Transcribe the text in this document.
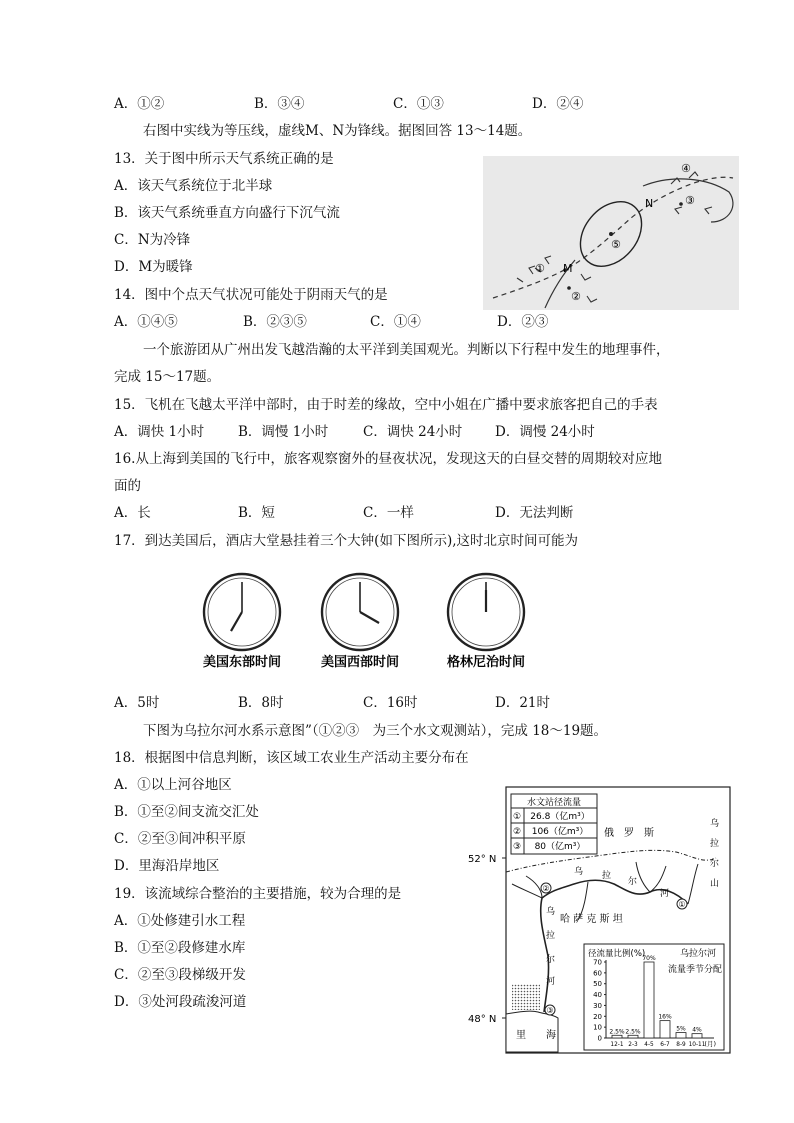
A．①②	B．③④	C．①③	D．②④
右图中实线为等压线，虚线M、N为锋线。据图回答 13～14题。
13．关于图中所示天气系统正确的是
A．该天气系统位于北半球
B．该天气系统垂直方向盛行下沉气流
C．N为冷锋
D．M为暖锋
14．图中个点天气状况可能处于阴雨天气的是
A．①④⑤	B．②③⑤	C．①④	D．②③
N
M
①
②
③
④
⑤
一个旅游团从广州出发飞越浩瀚的太平洋到美国观光。判断以下行程中发生的地理事件，
完成 15～17题。
15．飞机在飞越太平洋中部时，由于时差的缘故，空中小姐在广播中要求旅客把自己的手表
A．调快 1小时	B．调慢 1小时	C．调快 24小时 D．调慢 24小时
16.从上海到美国的飞行中，旅客观察窗外的昼夜状况，发现这天的白昼交替的周期较对应地
面的
A．长	B．短	C．一样	D．无法判断
17．到达美国后，酒店大堂悬挂着三个大钟(如下图所示),这时北京时间可能为
美国东部时间	美国西部时间	格林尼治时间
A．5时	B．8时	C．16时	D．21时
下图为乌拉尔河水系示意图”（①②③　为三个水文观测站），完成 18～19题。
18．根据图中信息判断，该区域工农业生产活动主要分布在
A．①以上河谷地区
B．①至②间支流交汇处
C．②至③间冲积平原
D．里海沿岸地区
19．该流域综合整治的主要措施，较为合理的是
A．①处修建引水工程
B．①至②段修建水库
C．②至③段梯级开发
D．③处河段疏浚河道
水文站径流量
① 26.8（亿m³）
② 106（亿m³）
③ 80（亿m³）
52° N
48° N
①
②
③
俄　罗　斯
哈 萨 克 斯 坦
里　　海
乌
拉
尔
山
乌 拉
尔
河
乌
拉
尔
河
径流量比例(%)	乌拉尔河
流量季节分配
0
10
20
30
40
50
60
70
2.5%
12-1
2.5%
2-3
70%
4-5
16%
6-7
5%
8-9
4%
10-11
(月)
